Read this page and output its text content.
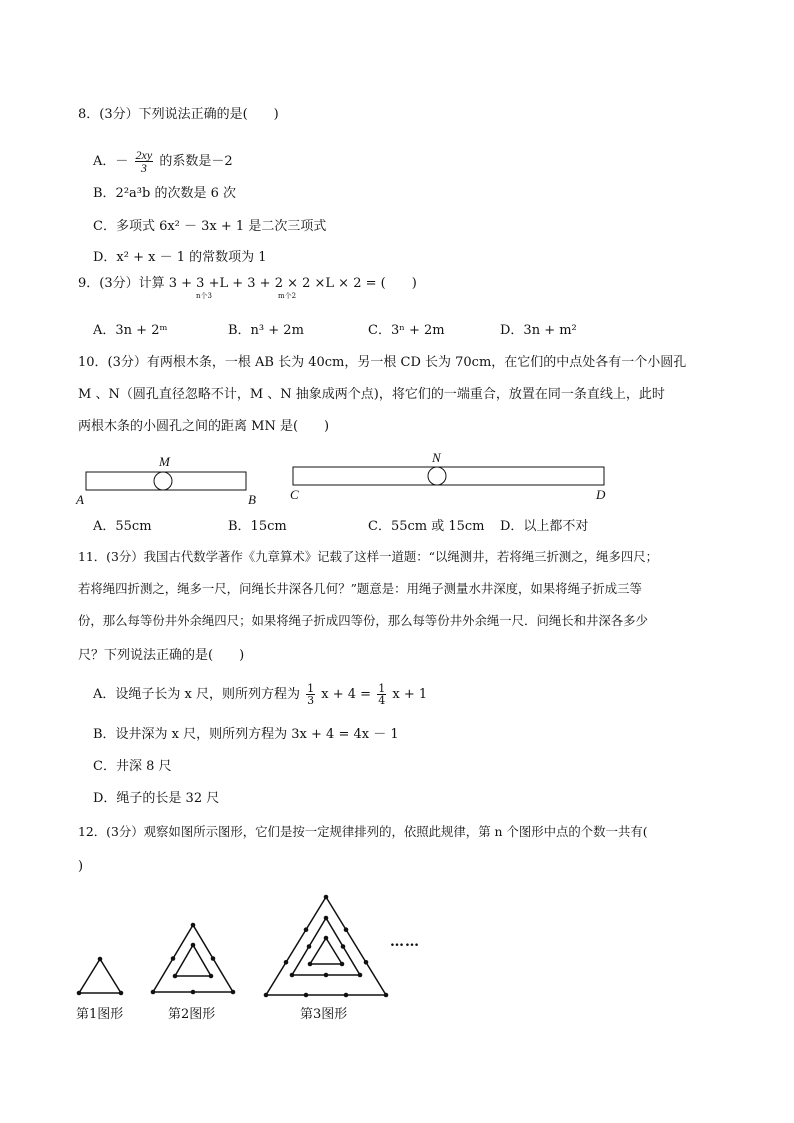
8．(3分）下列说法正确的是(　　)
A．－ $\frac{2xy}{3}$ 的系数是－2
B．2²a³b 的次数是 6 次
C．多项式 6x² － 3x + 1 是二次三项式
D．x² + x － 1 的常数项为 1
9．(3分）计算 3 + 3 +L + 3 + 2 × 2 ×L × 2 = (　　)
n个3	m个2
A．3n + 2ᵐ	B．n³ + 2m	C．3ⁿ + 2m	D．3n + m²
10．(3分）有两根木条，一根 AB 长为 40cm，另一根 CD 长为 70cm，在它们的中点处各有一个小圆孔
M 、N（圆孔直径忽略不计，M 、N 抽象成两个点)，将它们的一端重合，放置在同一条直线上，此时
两根木条的小圆孔之间的距离 MN 是(　　)
M	N
A	B	C	D
A．55cm	B．15cm	C．55cm 或 15cm D．以上都不对
11．(3分）我国古代数学著作《九章算术》记载了这样一道题：“以绳测井，若将绳三折测之，绳多四尺；
若将绳四折测之，绳多一尺，问绳长井深各几何？”题意是：用绳子测量水井深度，如果将绳子折成三等
份，那么每等份井外余绳四尺；如果将绳子折成四等份，那么每等份井外余绳一尺．问绳长和井深各多少
尺？下列说法正确的是(　　)
A．设绳子长为 x 尺，则所列方程为 $\frac{1}{3}$ $x + 4 = \frac{1}{4}$ x + 1
B．设井深为 x 尺，则所列方程为 3x + 4 = 4x － 1
C．井深 8 尺
D．绳子的长是 32 尺
12．(3分）观察如图所示图形，它们是按一定规律排列的，依照此规律，第 n 个图形中点的个数一共有(
)
……
第1图形	第2图形	第3图形
